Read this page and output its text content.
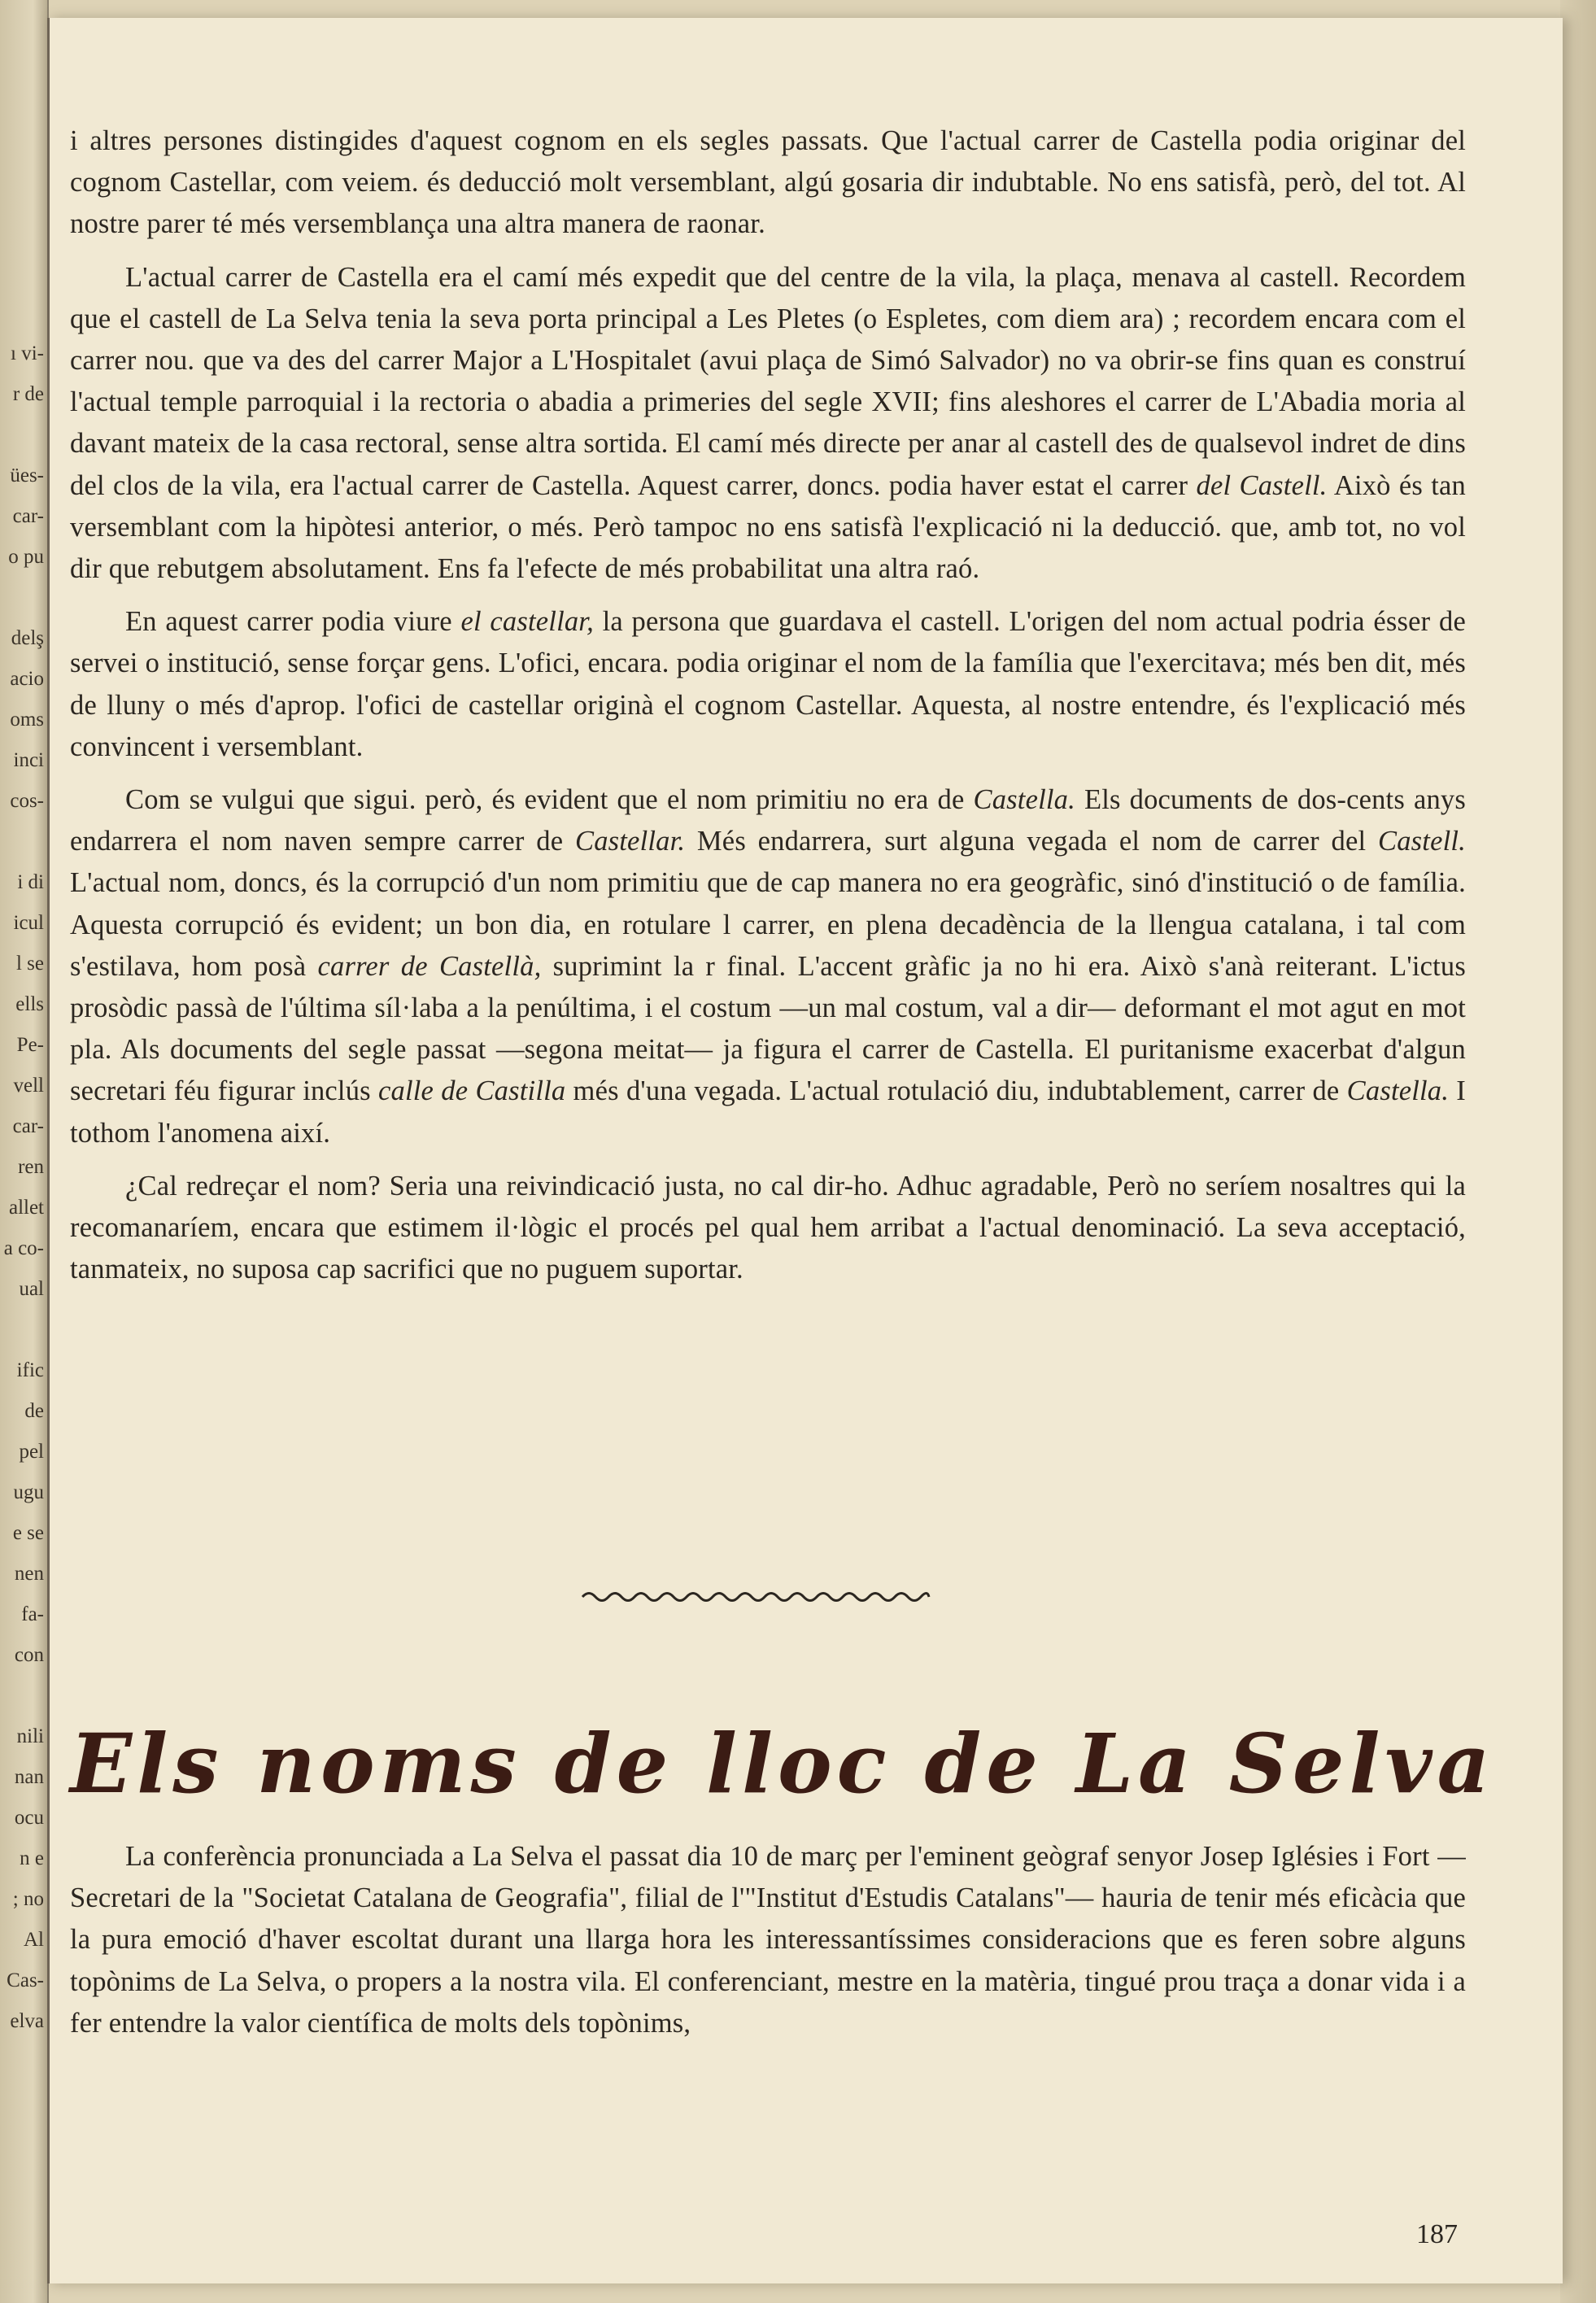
ı vi-
r de

ües-
car-
o pu

delş
acio
oms
inci
cos-

i di
icul
l se
ells
Pe-
vell
car-
ren
allet
a co-
ual

ific
de
pel
ugu
e se
nen
fa-
con

nili
nan
ocu
n e
; no
Al
Cas-
elva

i altres persones distingides d'aquest cognom en els segles passats. Que l'actual carrer de Castella podia originar del cognom Castellar, com veiem. és deducció molt versemblant, algú gosaria dir indubtable. No ens satisfà, però, del tot. Al nostre parer té més versemblança una altra manera de raonar.

L'actual carrer de Castella era el camí més expedit que del centre de la vila, la plaça, menava al castell. Recordem que el castell de La Selva tenia la seva porta principal a Les Pletes (o Espletes, com diem ara) ; recordem encara com el carrer nou. que va des del carrer Major a L'Hospitalet (avui plaça de Simó Salvador) no va obrir-se fins quan es construí l'actual temple parroquial i la rectoria o abadia a primeries del segle XVII; fins aleshores el carrer de L'Abadia moria al davant mateix de la casa rectoral, sense altra sortida. El camí més directe per anar al castell des de qualsevol indret de dins del clos de la vila, era l'actual carrer de Castella. Aquest carrer, doncs. podia haver estat el carrer del Castell. Això és tan versemblant com la hipòtesi anterior, o més. Però tampoc no ens satisfà l'explicació ni la deducció. que, amb tot, no vol dir que rebutgem absolutament. Ens fa l'efecte de més probabilitat una altra raó.

En aquest carrer podia viure el castellar, la persona que guardava el castell. L'origen del nom actual podria ésser de servei o institució, sense forçar gens. L'ofici, encara. podia originar el nom de la família que l'exercitava; més ben dit, més de lluny o més d'aprop. l'ofici de castellar originà el cognom Castellar. Aquesta, al nostre entendre, és l'explicació més convincent i versemblant.

Com se vulgui que sigui. però, és evident que el nom primitiu no era de Castella. Els documents de dos-cents anys endarrera el nom naven sempre carrer de Castellar. Més endarrera, surt alguna vegada el nom de carrer del Castell. L'actual nom, doncs, és la corrupció d'un nom primitiu que de cap manera no era geogràfic, sinó d'institució o de família. Aquesta corrupció és evident; un bon dia, en rotulare l carrer, en plena decadència de la llengua catalana, i tal com s'estilava, hom posà carrer de Castellà, suprimint la r final. L'accent gràfic ja no hi era. Això s'anà reiterant. L'ictus prosòdic passà de l'última síl·laba a la penúltima, i el costum —un mal costum, val a dir— deformant el mot agut en mot pla. Als documents del segle passat —segona meitat— ja figura el carrer de Castella. El puritanisme exacerbat d'algun secretari féu figurar inclús calle de Castilla més d'una vegada. L'actual rotulació diu, indubtablement, carrer de Castella. I tothom l'anomena així.

¿Cal redreçar el nom? Seria una reivindicació justa, no cal dir-ho. Adhuc agradable, Però no seríem nosaltres qui la recomanaríem, encara que estimem il·lògic el procés pel qual hem arribat a l'actual denominació. La seva acceptació, tanmateix, no suposa cap sacrifici que no puguem suportar.

Els noms de lloc de La Selva

La conferència pronunciada a La Selva el passat dia 10 de març per l'eminent geògraf senyor Josep Iglésies i Fort —Secretari de la "Societat Catalana de Geografia", filial de l'"Institut d'Estudis Catalans"— hauria de tenir més eficàcia que la pura emoció d'haver escoltat durant una llarga hora les interessantíssimes consideracions que es feren sobre alguns topònims de La Selva, o propers a la nostra vila. El conferenciant, mestre en la matèria, tingué prou traça a donar vida i a fer entendre la valor científica de molts dels topònims,

187
